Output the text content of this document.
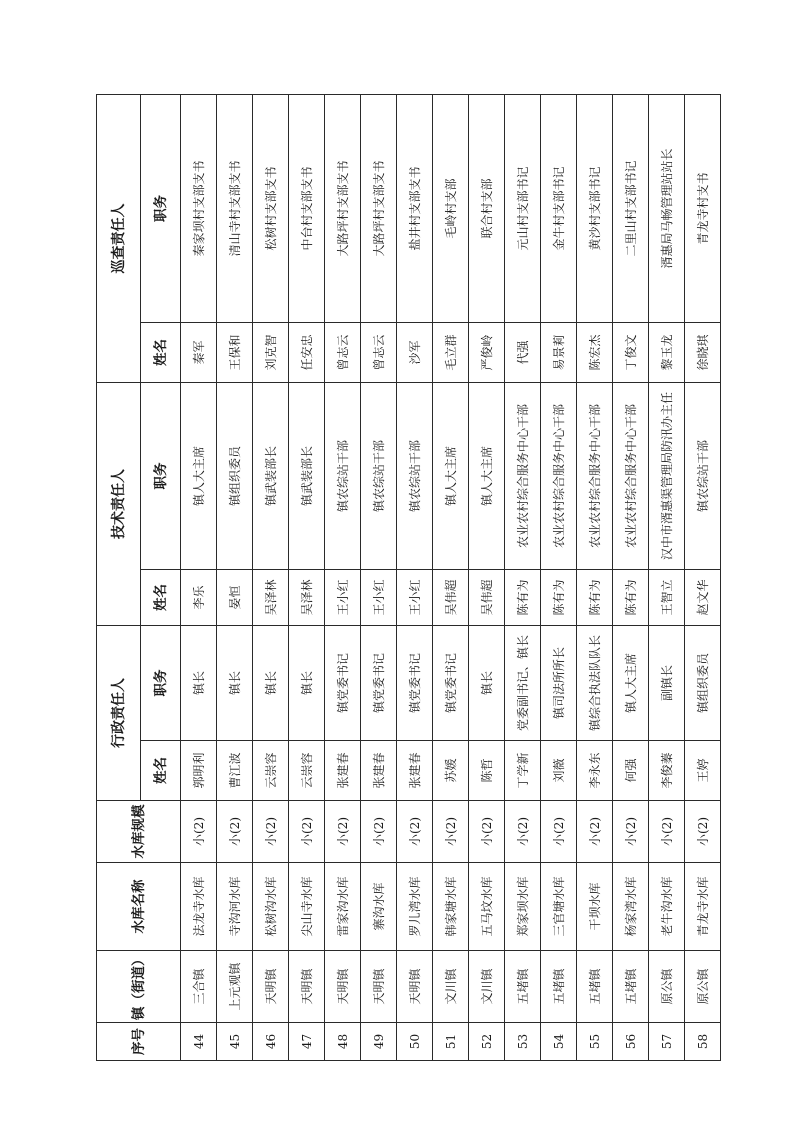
序号	镇（街道）	水库名称	水库规模	行政责任人		技术责任人		巡查责任人	
				姓名	职务	姓名	职务	姓名	职务
44	三合镇	法龙寺水库	小(2)	郭明利	镇长	李乐	镇人大主席	秦军	秦家坝村支部支书
45	上元观镇	寺沟河水库	小(2)	曹江波	镇长	晏恒	镇组织委员	王保和	清山寺村支部支书
46	天明镇	松树沟水库	小(2)	云崇容	镇长	吴泽林	镇武装部长	刘克智	松树村支部支书
47	天明镇	尖山寺水库	小(2)	云崇容	镇长	吴泽林	镇武装部长	任安忠	中台村支部支书
48	天明镇	雷家沟水库	小(2)	张建春	镇党委书记	王小红	镇农综站干部	曾志云	大路坪村支部支书
49	天明镇	寨沟水库	小(2)	张建春	镇党委书记	王小红	镇农综站干部	曾志云	大路坪村支部支书
50	天明镇	罗儿湾水库	小(2)	张建春	镇党委书记	王小红	镇农综站干部	沙军	盐井村支部支书
51	文川镇	韩家塘水库	小(2)	苏媛	镇党委书记	吴伟超	镇人大主席	毛立群	毛岭村支部
52	文川镇	五马坟水库	小(2)	陈哲	镇长	吴伟超	镇人大主席	严俊岭	联合村支部
53	五堵镇	郑家坝水库	小(2)	丁学新	党委副书记、镇长	陈有为	农业农村综合服务中心干部	代强	元山村支部书记
54	五堵镇	三官塘水库	小(2)	刘薇	镇司法所所长	陈有为	农业农村综合服务中心干部	易景莉	金牛村支部书记
55	五堵镇	干坝水库	小(2)	李永东	镇综合执法队队长	陈有为	农业农村综合服务中心干部	陈宏杰	黄沙村支部书记
56	五堵镇	杨家湾水库	小(2)	何强	镇人大主席	陈有为	农业农村综合服务中心干部	丁俊文	二里山村支部书记
57	原公镇	老牛沟水库	小(2)	李俊蓁	副镇长	王智立	汉中市湑惠渠管理局防汛办主任	黎玉龙	湑惠局马畅管理站站长
58	原公镇	青龙寺水库	小(2)	王婷	镇组织委员	赵文华	镇农综站干部	徐晓琪	青龙寺村支书
